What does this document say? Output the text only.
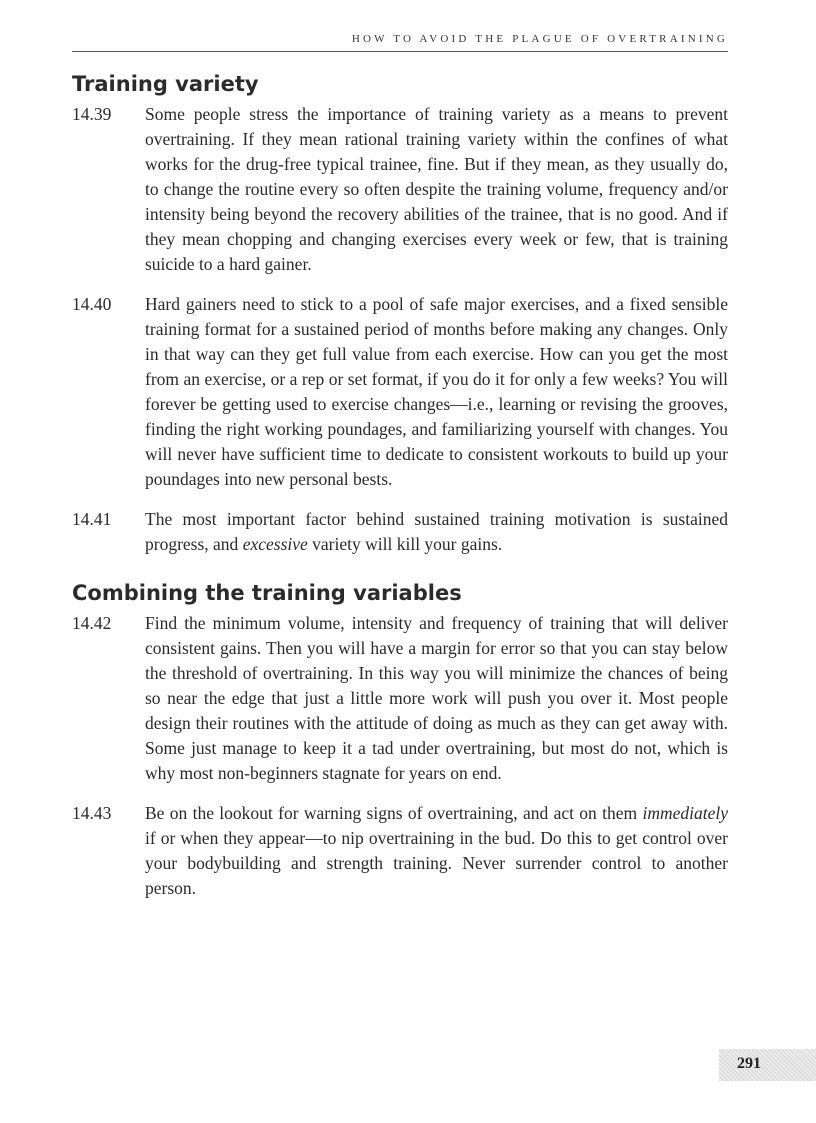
HOW TO AVOID THE PLAGUE OF OVERTRAINING
Training variety
14.39	Some people stress the importance of training variety as a means to prevent overtraining. If they mean rational training variety within the confines of what works for the drug-free typical trainee, fine. But if they mean, as they usually do, to change the routine every so often despite the training volume, frequency and/or intensity being beyond the recovery abilities of the trainee, that is no good. And if they mean chopping and changing exercises every week or few, that is training suicide to a hard gainer.
14.40	Hard gainers need to stick to a pool of safe major exercises, and a fixed sensible training format for a sustained period of months before making any changes. Only in that way can they get full value from each exercise. How can you get the most from an exercise, or a rep or set format, if you do it for only a few weeks? You will forever be getting used to exercise changes—i.e., learning or revising the grooves, finding the right working poundages, and familiarizing yourself with changes. You will never have sufficient time to dedicate to consistent workouts to build up your poundages into new personal bests.
14.41	The most important factor behind sustained training motivation is sustained progress, and excessive variety will kill your gains.
Combining the training variables
14.42	Find the minimum volume, intensity and frequency of training that will deliver consistent gains. Then you will have a margin for error so that you can stay below the threshold of overtraining. In this way you will minimize the chances of being so near the edge that just a little more work will push you over it. Most people design their routines with the attitude of doing as much as they can get away with. Some just manage to keep it a tad under overtraining, but most do not, which is why most non-beginners stagnate for years on end.
14.43	Be on the lookout for warning signs of overtraining, and act on them immediately if or when they appear—to nip overtraining in the bud. Do this to get control over your bodybuilding and strength training. Never surrender control to another person.
291
